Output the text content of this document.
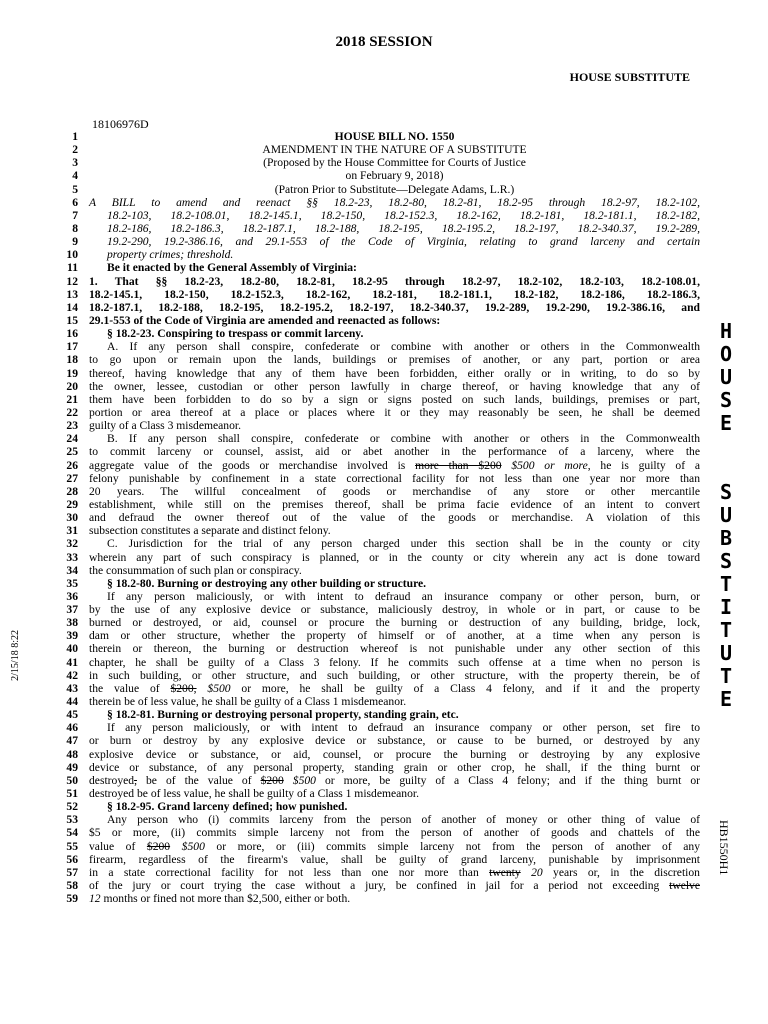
2018 SESSION
HOUSE SUBSTITUTE
18106976D
1	HOUSE BILL NO. 1550
2	AMENDMENT IN THE NATURE OF A SUBSTITUTE
3	(Proposed by the House Committee for Courts of Justice
4	on February 9, 2018)
5	(Patron Prior to Substitute—Delegate Adams, L.R.)
6 A BILL to amend and reenact §§ 18.2-23, 18.2-80, 18.2-81, 18.2-95 through 18.2-97, 18.2-102,
7	18.2-103, 18.2-108.01, 18.2-145.1, 18.2-150, 18.2-152.3, 18.2-162, 18.2-181, 18.2-181.1, 18.2-182,
8	18.2-186, 18.2-186.3, 18.2-187.1, 18.2-188, 18.2-195, 18.2-195.2, 18.2-197, 18.2-340.37, 19.2-289,
9	19.2-290, 19.2-386.16, and 29.1-553 of the Code of Virginia, relating to grand larceny and certain
10	property crimes; threshold.
11	Be it enacted by the General Assembly of Virginia:
12 1. That §§ 18.2-23, 18.2-80, 18.2-81, 18.2-95 through 18.2-97, 18.2-102, 18.2-103, 18.2-108.01,
13 18.2-145.1, 18.2-150, 18.2-152.3, 18.2-162, 18.2-181, 18.2-181.1, 18.2-182, 18.2-186, 18.2-186.3,
14 18.2-187.1, 18.2-188, 18.2-195, 18.2-195.2, 18.2-197, 18.2-340.37, 19.2-289, 19.2-290, 19.2-386.16, and
15 29.1-553 of the Code of Virginia are amended and reenacted as follows:
16	§ 18.2-23. Conspiring to trespass or commit larceny.
17	A. If any person shall conspire, confederate or combine with another or others in the Commonwealth
18 to go upon or remain upon the lands, buildings or premises of another, or any part, portion or area
19 thereof, having knowledge that any of them have been forbidden, either orally or in writing, to do so by
20 the owner, lessee, custodian or other person lawfully in charge thereof, or having knowledge that any of
21 them have been forbidden to do so by a sign or signs posted on such lands, buildings, premises or part,
22 portion or area thereof at a place or places where it or they may reasonably be seen, he shall be deemed
23 guilty of a Class 3 misdemeanor.
24	B. If any person shall conspire, confederate or combine with another or others in the Commonwealth
25 to commit larceny or counsel, assist, aid or abet another in the performance of a larceny, where the
26 aggregate value of the goods or merchandise involved is more than $200 $500 or more, he is guilty of a
27 felony punishable by confinement in a state correctional facility for not less than one year nor more than
28 20 years. The willful concealment of goods or merchandise of any store or other mercantile
29 establishment, while still on the premises thereof, shall be prima facie evidence of an intent to convert
30 and defraud the owner thereof out of the value of the goods or merchandise. A violation of this
31 subsection constitutes a separate and distinct felony.
32	C. Jurisdiction for the trial of any person charged under this section shall be in the county or city
33 wherein any part of such conspiracy is planned, or in the county or city wherein any act is done toward
34 the consummation of such plan or conspiracy.
35	§ 18.2-80. Burning or destroying any other building or structure.
36	If any person maliciously, or with intent to defraud an insurance company or other person, burn, or
37 by the use of any explosive device or substance, maliciously destroy, in whole or in part, or cause to be
38 burned or destroyed, or aid, counsel or procure the burning or destruction of any building, bridge, lock,
39 dam or other structure, whether the property of himself or of another, at a time when any person is
40 therein or thereon, the burning or destruction whereof is not punishable under any other section of this
41 chapter, he shall be guilty of a Class 3 felony. If he commits such offense at a time when no person is
42 in such building, or other structure, and such building, or other structure, with the property therein, be of
43 the value of $200, $500 or more, he shall be guilty of a Class 4 felony, and if it and the property
44 therein be of less value, he shall be guilty of a Class 1 misdemeanor.
45	§ 18.2-81. Burning or destroying personal property, standing grain, etc.
46	If any person maliciously, or with intent to defraud an insurance company or other person, set fire to
47 or burn or destroy by any explosive device or substance, or cause to be burned, or destroyed by any
48 explosive device or substance, or aid, counsel, or procure the burning or destroying by any explosive
49 device or substance, of any personal property, standing grain or other crop, he shall, if the thing burnt or
50 destroyed, be of the value of $200 $500 or more, be guilty of a Class 4 felony; and if the thing burnt or
51 destroyed be of less value, he shall be guilty of a Class 1 misdemeanor.
52	§ 18.2-95. Grand larceny defined; how punished.
53	Any person who (i) commits larceny from the person of another of money or other thing of value of
54 $5 or more, (ii) commits simple larceny not from the person of another of goods and chattels of the
55 value of $200 $500 or more, or (iii) commits simple larceny not from the person of another of any
56 firearm, regardless of the firearm's value, shall be guilty of grand larceny, punishable by imprisonment
57 in a state correctional facility for not less than one nor more than twenty 20 years or, in the discretion
58 of the jury or court trying the case without a jury, be confined in jail for a period not exceeding twelve
59 12 months or fined not more than $2,500, either or both.
H
O
U
S
E

S
U
B
S
T
I
T
U
T
E
HB1550H1
2/15/18 8:22
